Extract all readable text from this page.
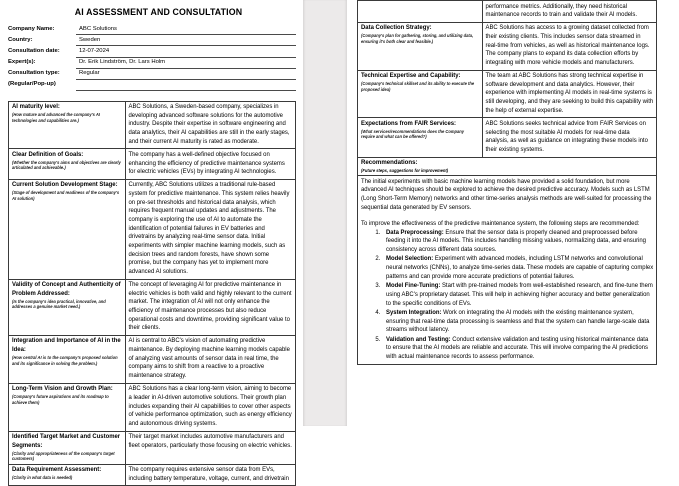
AI ASSESSMENT AND CONSULTATION
Company Name:	ABC Solutions
Country:	Sweden
Consultation date:	12-07-2024
Expert(s):	Dr. Erik Lindström, Dr. Lars Holm
Consultation type:	Regular
(Regular/Pop-up)
AI maturity level:
(How mature and advanced the company's AI technologies and capabilities are.)	ABC Solutions, a Sweden-based company, specializes in developing advanced software solutions for the automotive industry. Despite their expertise in software engineering and data analytics, their AI capabilities are still in the early stages, and their current AI maturity is rated as moderate.

Clear Definition of Goals:
(Whether the company's aims and objectives are clearly articulated and achievable.)	The company has a well-defined objective focused on enhancing the efficiency of predictive maintenance systems for electric vehicles (EVs) by integrating AI technologies.

Current Solution Development Stage:
(Stage of development and readiness of the company's AI solution)	Currently, ABC Solutions utilizes a traditional rule-based system for predictive maintenance. This system relies heavily on pre-set thresholds and historical data analysis, which requires frequent manual updates and adjustments. The company is exploring the use of AI to automate the identification of potential failures in EV batteries and drivetrains by analyzing real-time sensor data. Initial experiments with simpler machine learning models, such as decision trees and random forests, have shown some promise, but the company has yet to implement more advanced AI solutions.

Validity of Concept and Authenticity of Problem Addressed:
(Is the company's idea practical, innovative, and addresses a genuine market need.)	The concept of leveraging AI for predictive maintenance in electric vehicles is both valid and highly relevant to the current market. The integration of AI will not only enhance the efficiency of maintenance processes but also reduce operational costs and downtime, providing significant value to their clients.

Integration and Importance of AI in the Idea:
(How central AI is to the company's proposed solution and its significance in solving the problem.)	AI is central to ABC's vision of automating predictive maintenance. By deploying machine learning models capable of analyzing vast amounts of sensor data in real time, the company aims to shift from a reactive to a proactive maintenance strategy.

Long-Term Vision and Growth Plan:
(Company's future aspirations and its roadmap to achieve them)	ABC Solutions has a clear long-term vision, aiming to become a leader in AI-driven automotive solutions. Their growth plan includes expanding their AI capabilities to cover other aspects of vehicle performance optimization, such as energy efficiency and autonomous driving systems.

Identified Target Market and Customer Segments:
(Clarity and appropriateness of the company's target customers)	Their target market includes automotive manufacturers and fleet operators, particularly those focusing on electric vehicles.

Data Requirement Assessment:
(Clarity in what data is needed)	The company requires extensive sensor data from EVs, including battery temperature, voltage, current, and drivetrain

	performance metrics. Additionally, they need historical maintenance records to train and validate their AI models.

Data Collection Strategy:
(Company's plan for gathering, storing, and utilizing data, ensuring it's both clear and feasible.)	ABC Solutions has access to a growing dataset collected from their existing clients. This includes sensor data streamed in real-time from vehicles, as well as historical maintenance logs. The company plans to expand its data collection efforts by integrating with more vehicle models and manufacturers.

Technical Expertise and Capability:
(Company's technical skillset and its ability to execute the proposed idea)	The team at ABC Solutions has strong technical expertise in software development and data analytics. However, their experience with implementing AI models in real-time systems is still developing, and they are seeking to build this capability with the help of external expertise.

Expectations from FAIR Services:
(What services/recommendations does the Company require and what can be offered?)	ABC Solutions seeks technical advice from FAIR Services on selecting the most suitable AI models for real-time data analysis, as well as guidance on integrating these models into their existing systems.

Recommendations:
(Future steps, suggestions for improvement)

The initial experiments with basic machine learning models have provided a solid foundation, but more advanced AI techniques should be explored to achieve the desired predictive accuracy. Models such as LSTM (Long Short-Term Memory) networks and other time-series analysis methods are well-suited for processing the sequential data generated by EV sensors.

To improve the effectiveness of the predictive maintenance system, the following steps are recommended:

1. Data Preprocessing: Ensure that the sensor data is properly cleaned and preprocessed before feeding it into the AI models. This includes handling missing values, normalizing data, and ensuring consistency across different data sources.
2. Model Selection: Experiment with advanced models, including LSTM networks and convolutional neural networks (CNNs), to analyze time-series data. These models are capable of capturing complex patterns and can provide more accurate predictions of potential failures.
3. Model Fine-Tuning: Start with pre-trained models from well-established research, and fine-tune them using ABC's proprietary dataset. This will help in achieving higher accuracy and better generalization to the specific conditions of EVs.
4. System Integration: Work on integrating the AI models with the existing maintenance system, ensuring that real-time data processing is seamless and that the system can handle large-scale data streams without latency.
5. Validation and Testing: Conduct extensive validation and testing using historical maintenance data to ensure that the AI models are reliable and accurate. This will involve comparing the AI predictions with actual maintenance records to assess performance.
